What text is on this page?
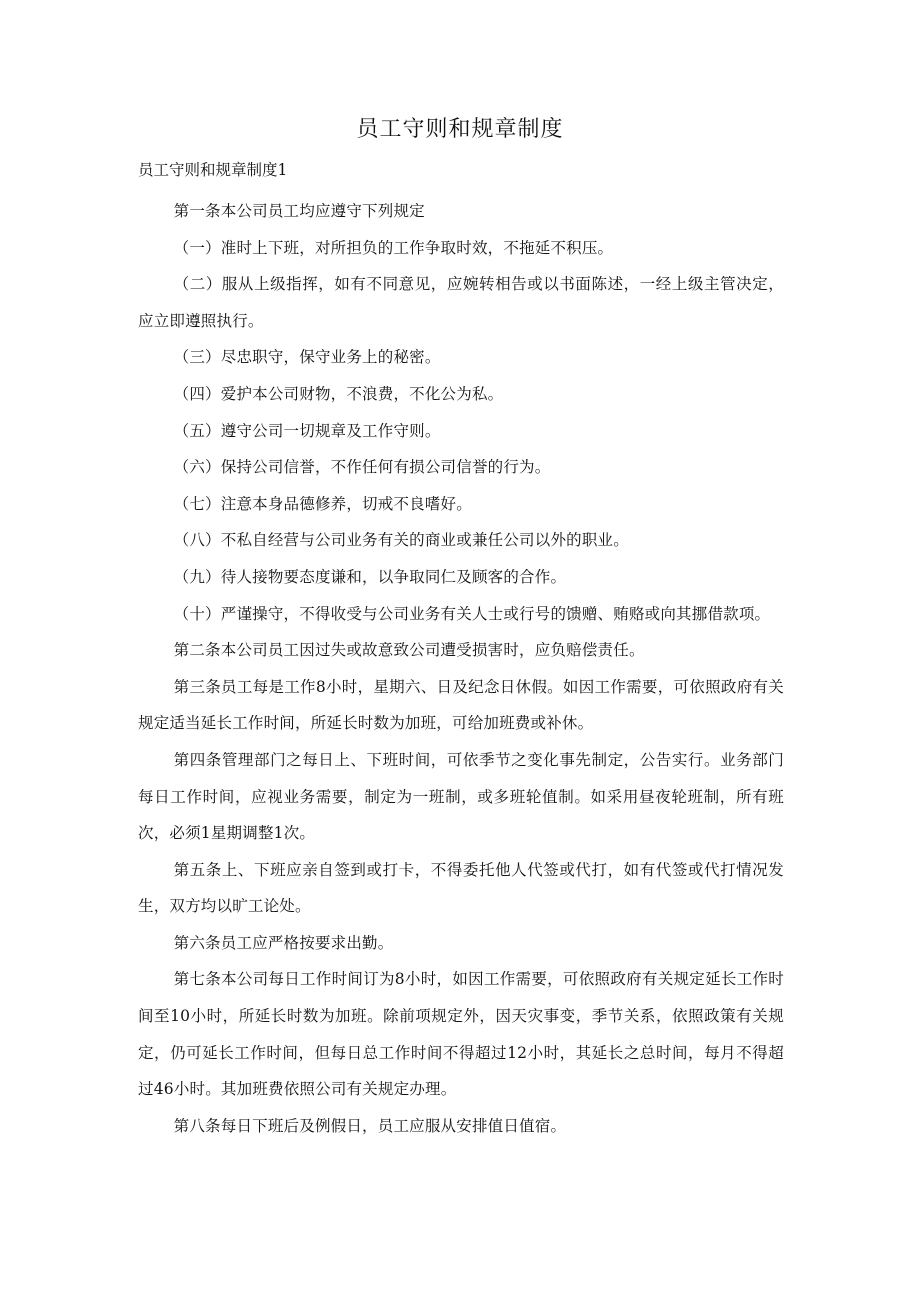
员工守则和规章制度

员工守则和规章制度1

第一条本公司员工均应遵守下列规定

（一）准时上下班，对所担负的工作争取时效，不拖延不积压。

（二）服从上级指挥，如有不同意见，应婉转相告或以书面陈述，一经上级主管决定，应立即遵照执行。

（三）尽忠职守，保守业务上的秘密。

（四）爱护本公司财物，不浪费，不化公为私。

（五）遵守公司一切规章及工作守则。

（六）保持公司信誉，不作任何有损公司信誉的行为。

（七）注意本身品德修养，切戒不良嗜好。

（八）不私自经营与公司业务有关的商业或兼任公司以外的职业。

（九）待人接物要态度谦和，以争取同仁及顾客的合作。

（十）严谨操守，不得收受与公司业务有关人士或行号的馈赠、贿赂或向其挪借款项。

第二条本公司员工因过失或故意致公司遭受损害时，应负赔偿责任。

第三条员工每是工作8小时，星期六、日及纪念日休假。如因工作需要，可依照政府有关规定适当延长工作时间，所延长时数为加班，可给加班费或补休。

第四条管理部门之每日上、下班时间，可依季节之变化事先制定，公告实行。业务部门每日工作时间，应视业务需要，制定为一班制，或多班轮值制。如采用昼夜轮班制，所有班次，必须1星期调整1次。

第五条上、下班应亲自签到或打卡，不得委托他人代签或代打，如有代签或代打情况发生，双方均以旷工论处。

第六条员工应严格按要求出勤。

第七条本公司每日工作时间订为8小时，如因工作需要，可依照政府有关规定延长工作时间至10小时，所延长时数为加班。除前项规定外，因天灾事变，季节关系，依照政策有关规定，仍可延长工作时间，但每日总工作时间不得超过12小时，其延长之总时间，每月不得超过46小时。其加班费依照公司有关规定办理。

第八条每日下班后及例假日，员工应服从安排值日值宿。
